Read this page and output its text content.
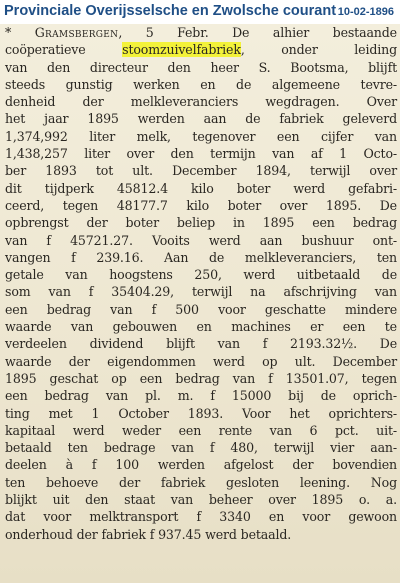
Provinciale Overijsselsche en Zwolsche courant 10-02-1896
* Gramsbergen, 5 Febr. De alhier bestaande
coöperatieve stoomzuivelfabriek, onder leiding
van den directeur den heer S. Bootsma, blijft
steeds gunstig werken en de algemeene tevre-
denheid der melkleveranciers wegdragen. Over
het jaar 1895 werden aan de fabriek geleverd
1,374,992 liter melk, tegenover een cijfer van
1,438,257 liter over den termijn van af 1 Octo-
ber 1893 tot ult. December 1894, terwijl over
dit tijdperk 45812.4 kilo boter werd gefabri-
ceerd, tegen 48177.7 kilo boter over 1895. De
opbrengst der boter beliep in 1895 een bedrag
van f 45721.27. Vooits werd aan bushuur ont-
vangen f 239.16. Aan de melkleveranciers, ten
getale van hoogstens 250, werd uitbetaald de
som van f 35404.29, terwijl na afschrijving van
een bedrag van f 500 voor geschatte mindere
waarde van gebouwen en machines er een te
verdeelen dividend blijft van f 2193.32½. De
waarde der eigendommen werd op ult. December
1895 geschat op een bedrag van f 13501.07, tegen
een bedrag van pl. m. f 15000 bij de oprich-
ting met 1 October 1893. Voor het oprichters-
kapitaal werd weder een rente van 6 pct. uit-
betaald ten bedrage van f 480, terwijl vier aan-
deelen à f 100 werden afgelost der bovendien
ten behoeve der fabriek gesloten leening. Nog
blijkt uit den staat van beheer over 1895 o. a.
dat voor melktransport f 3340 en voor gewoon
onderhoud der fabriek f 937.45 werd betaald.
